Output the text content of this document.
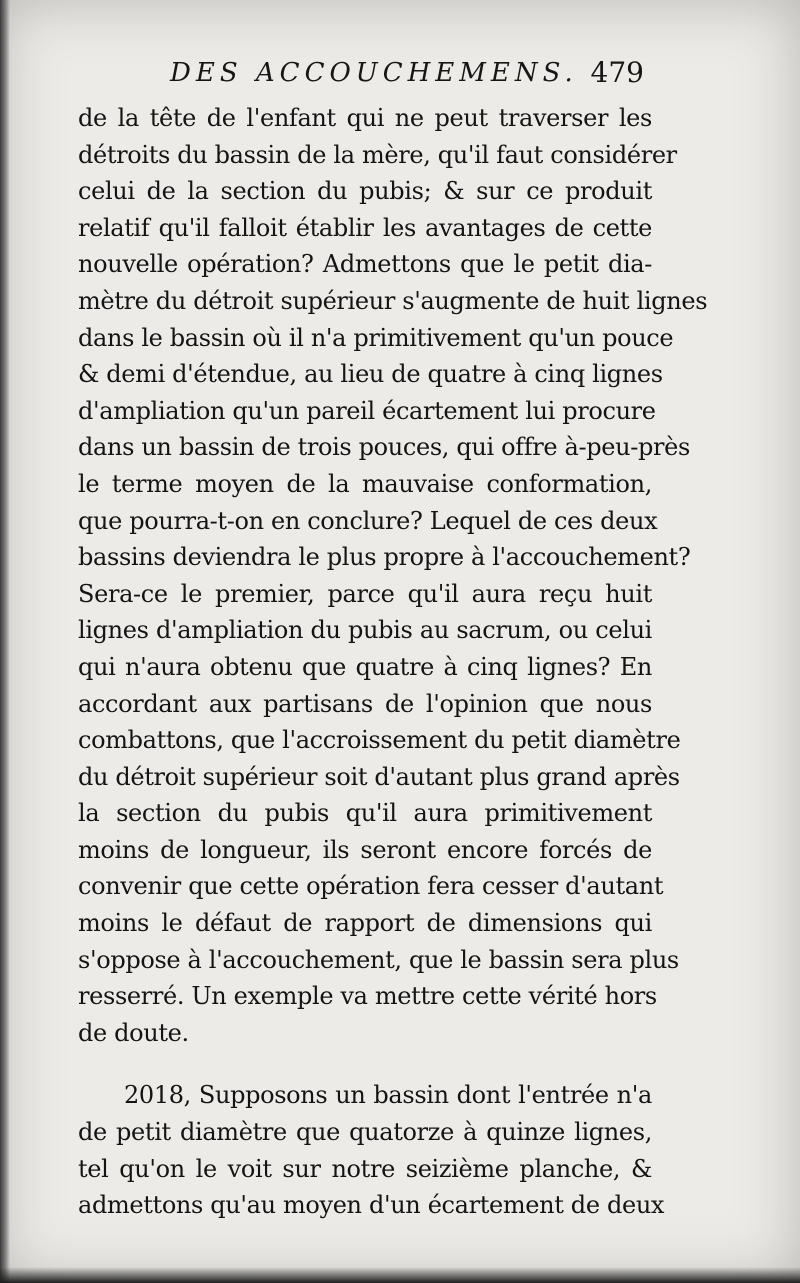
DES ACCOUCHEMENS. 479
de la tête de l'enfant qui ne peut traverser les
détroits du bassin de la mère, qu'il faut considérer
celui de la section du pubis; & sur ce produit
relatif qu'il falloit établir les avantages de cette
nouvelle opération? Admettons que le petit dia-
mètre du détroit supérieur s'augmente de huit lignes
dans le bassin où il n'a primitivement qu'un pouce
& demi d'étendue, au lieu de quatre à cinq lignes
d'ampliation qu'un pareil écartement lui procure
dans un bassin de trois pouces, qui offre à-peu-près
le terme moyen de la mauvaise conformation,
que pourra-t-on en conclure? Lequel de ces deux
bassins deviendra le plus propre à l'accouchement?
Sera-ce le premier, parce qu'il aura reçu huit
lignes d'ampliation du pubis au sacrum, ou celui
qui n'aura obtenu que quatre à cinq lignes? En
accordant aux partisans de l'opinion que nous
combattons, que l'accroissement du petit diamètre
du détroit supérieur soit d'autant plus grand après
la section du pubis qu'il aura primitivement
moins de longueur, ils seront encore forcés de
convenir que cette opération fera cesser d'autant
moins le défaut de rapport de dimensions qui
s'oppose à l'accouchement, que le bassin sera plus
resserré. Un exemple va mettre cette vérité hors
de doute.
2018, Supposons un bassin dont l'entrée n'a
de petit diamètre que quatorze à quinze lignes,
tel qu'on le voit sur notre seizième planche, &
admettons qu'au moyen d'un écartement de deux
